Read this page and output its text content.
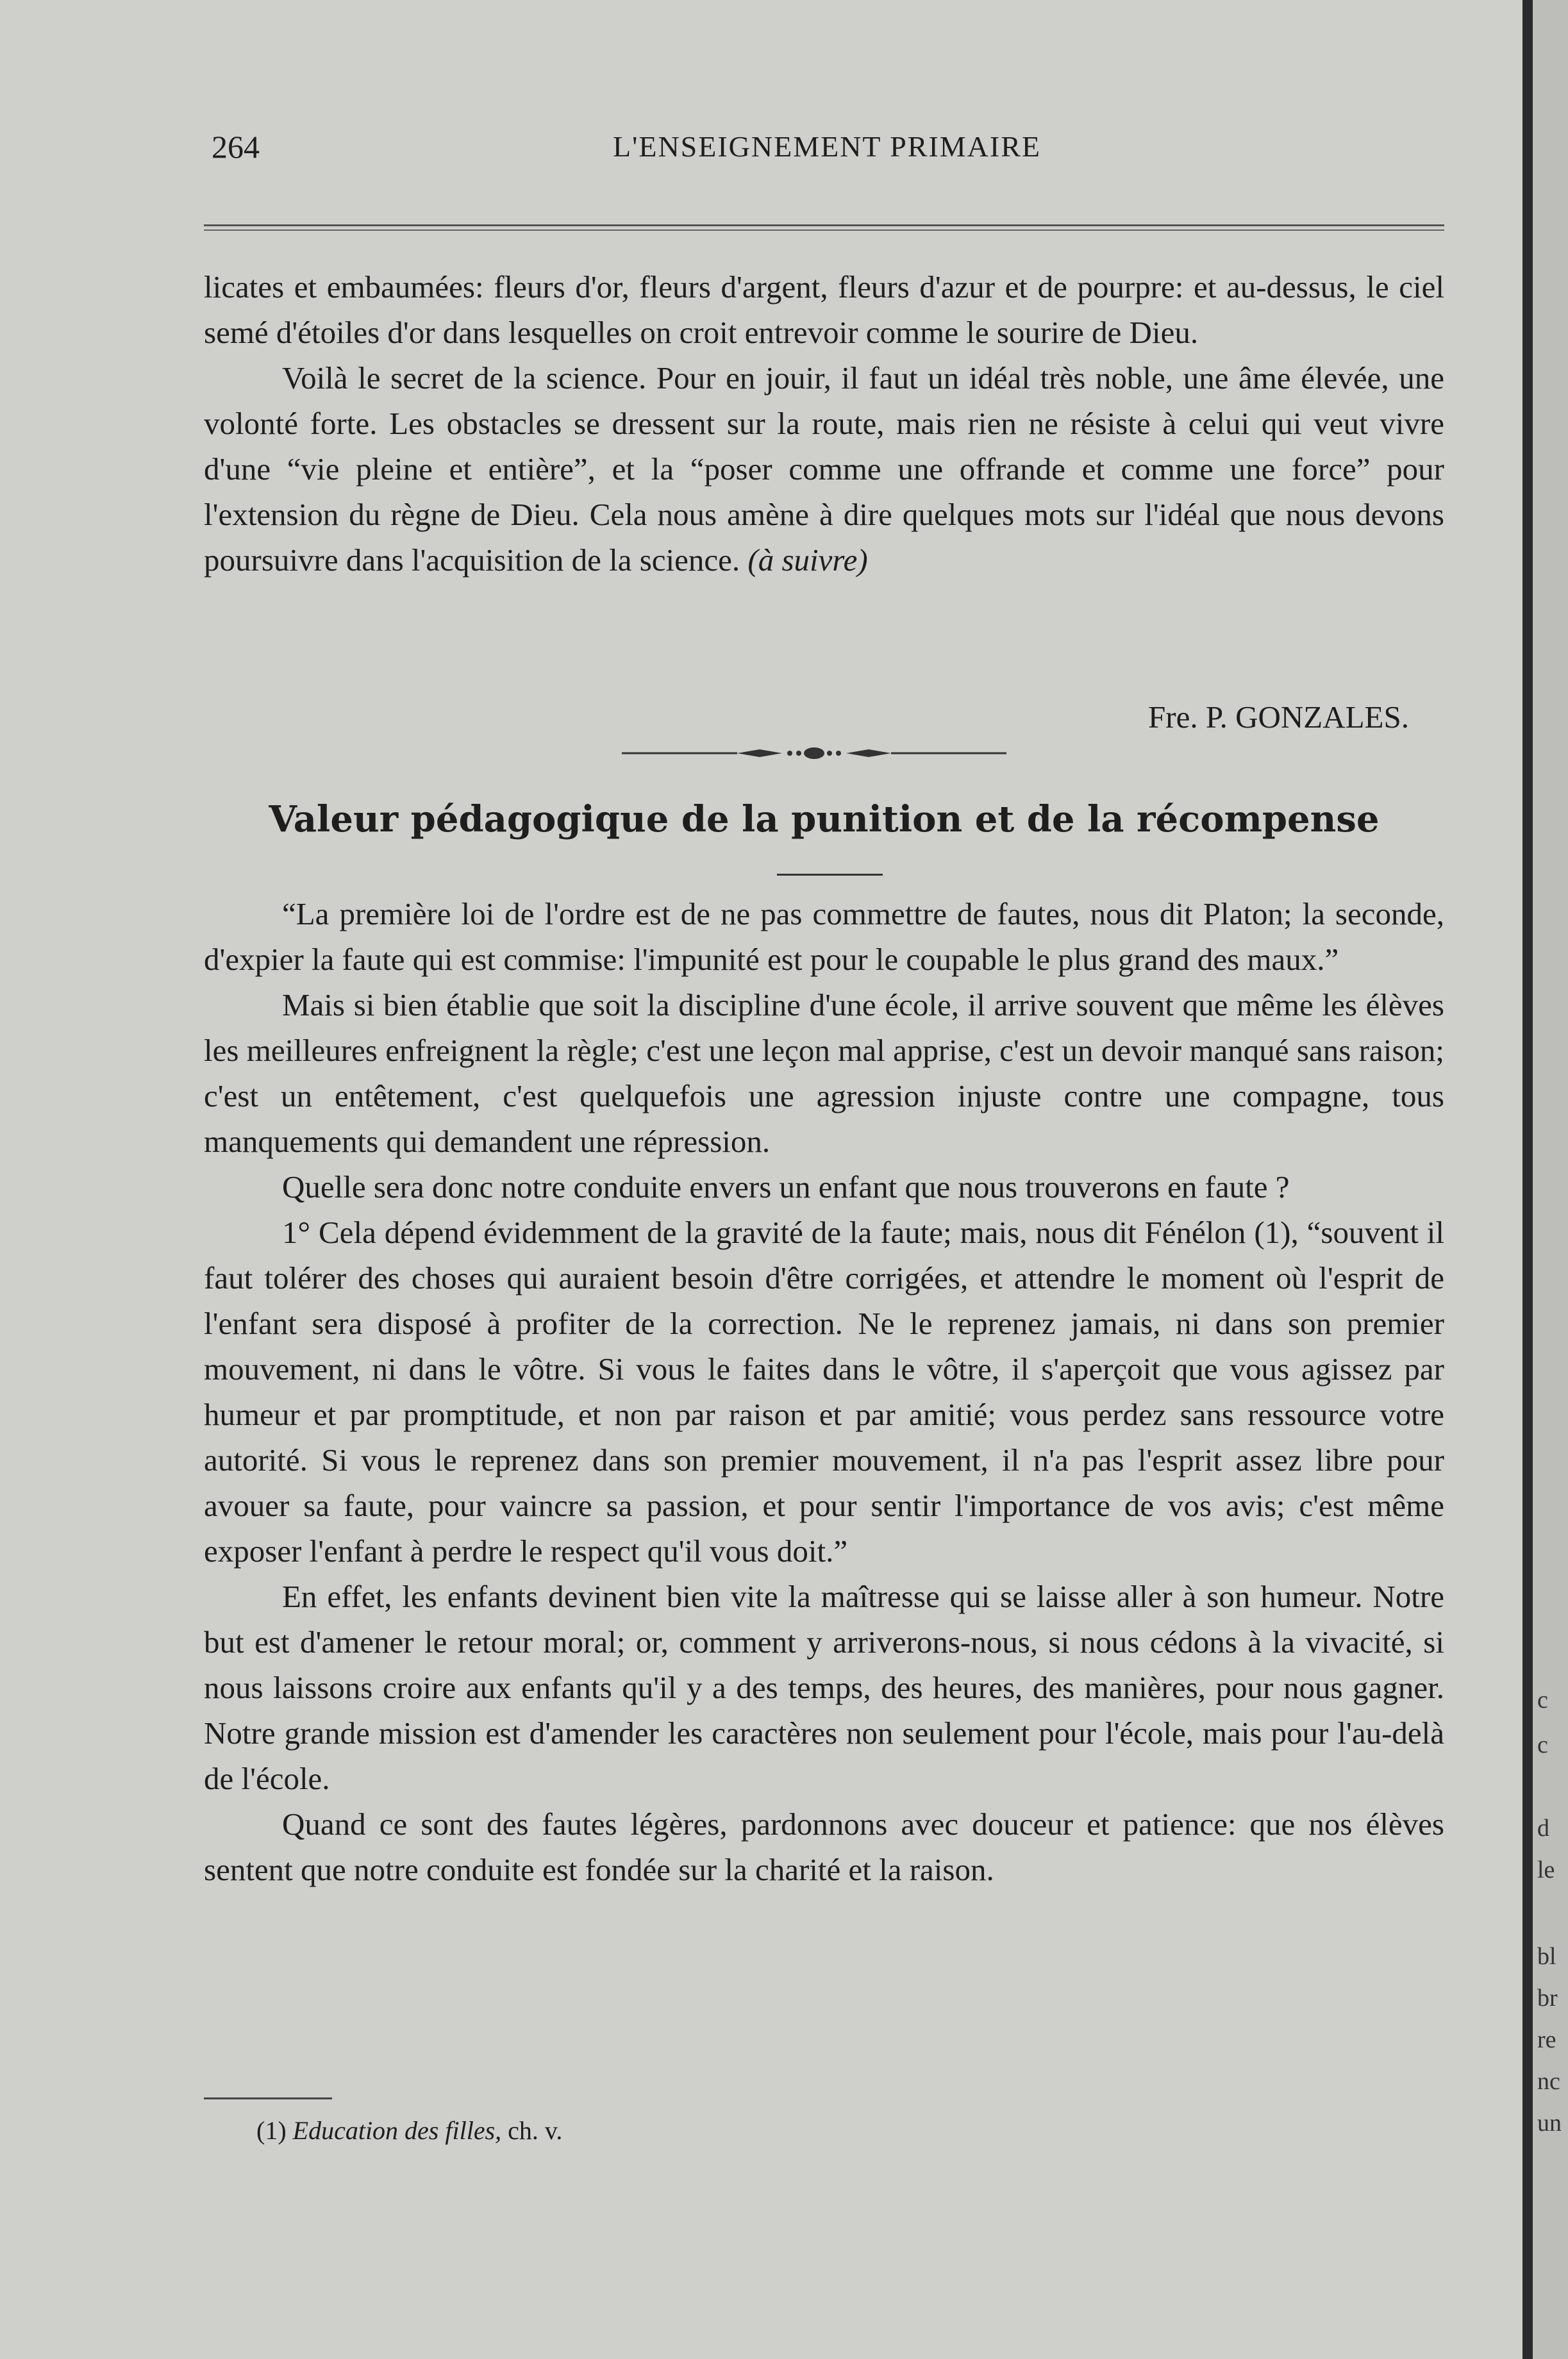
264	L'ENSEIGNEMENT PRIMAIRE

licates et embaumées: fleurs d'or, fleurs d'argent, fleurs d'azur et de pourpre: et au-dessus, le ciel semé d'étoiles d'or dans lesquelles on croit entrevoir comme le sourire de Dieu.

Voilà le secret de la science. Pour en jouir, il faut un idéal très noble, une âme élevée, une volonté forte. Les obstacles se dressent sur la route, mais rien ne résiste à celui qui veut vivre d'une “vie pleine et entière”, et la “poser comme une offrande et comme une force” pour l'extension du règne de Dieu. Cela nous amène à dire quelques mots sur l'idéal que nous devons poursuivre dans l'acquisition de la science. (à suivre)

Fre. P. GONZALES.
Valeur pédagogique de la punition et de la récompense

“La première loi de l'ordre est de ne pas commettre de fautes, nous dit Platon; la seconde, d'expier la faute qui est commise: l'impunité est pour le coupable le plus grand des maux.”

Mais si bien établie que soit la discipline d'une école, il arrive souvent que même les élèves les meilleures enfreignent la règle; c'est une leçon mal apprise, c'est un devoir manqué sans raison; c'est un entêtement, c'est quelquefois une agression injuste contre une compagne, tous manquements qui demandent une répression.

Quelle sera donc notre conduite envers un enfant que nous trouverons en faute ?

1° Cela dépend évidemment de la gravité de la faute; mais, nous dit Fénélon (1), “souvent il faut tolérer des choses qui auraient besoin d'être corrigées, et attendre le moment où l'esprit de l'enfant sera disposé à profiter de la correction. Ne le reprenez jamais, ni dans son premier mouvement, ni dans le vôtre. Si vous le faites dans le vôtre, il s'aperçoit que vous agissez par humeur et par promptitude, et non par raison et par amitié; vous perdez sans ressource votre autorité. Si vous le reprenez dans son premier mouvement, il n'a pas l'esprit assez libre pour avouer sa faute, pour vaincre sa passion, et pour sentir l'importance de vos avis; c'est même exposer l'enfant à perdre le respect qu'il vous doit.”

En effet, les enfants devinent bien vite la maîtresse qui se laisse aller à son humeur. Notre but est d'amener le retour moral; or, comment y arriverons-nous, si nous cédons à la vivacité, si nous laissons croire aux enfants qu'il y a des temps, des heures, des manières, pour nous gagner. Notre grande mission est d'amender les caractères non seulement pour l'école, mais pour l'au-delà de l'école.

Quand ce sont des fautes légères, pardonnons avec douceur et patience: que nos élèves sentent que notre conduite est fondée sur la charité et la raison.

(1) Education des filles, ch. v.
c
c
d
le
bl
br
re
nc
un
